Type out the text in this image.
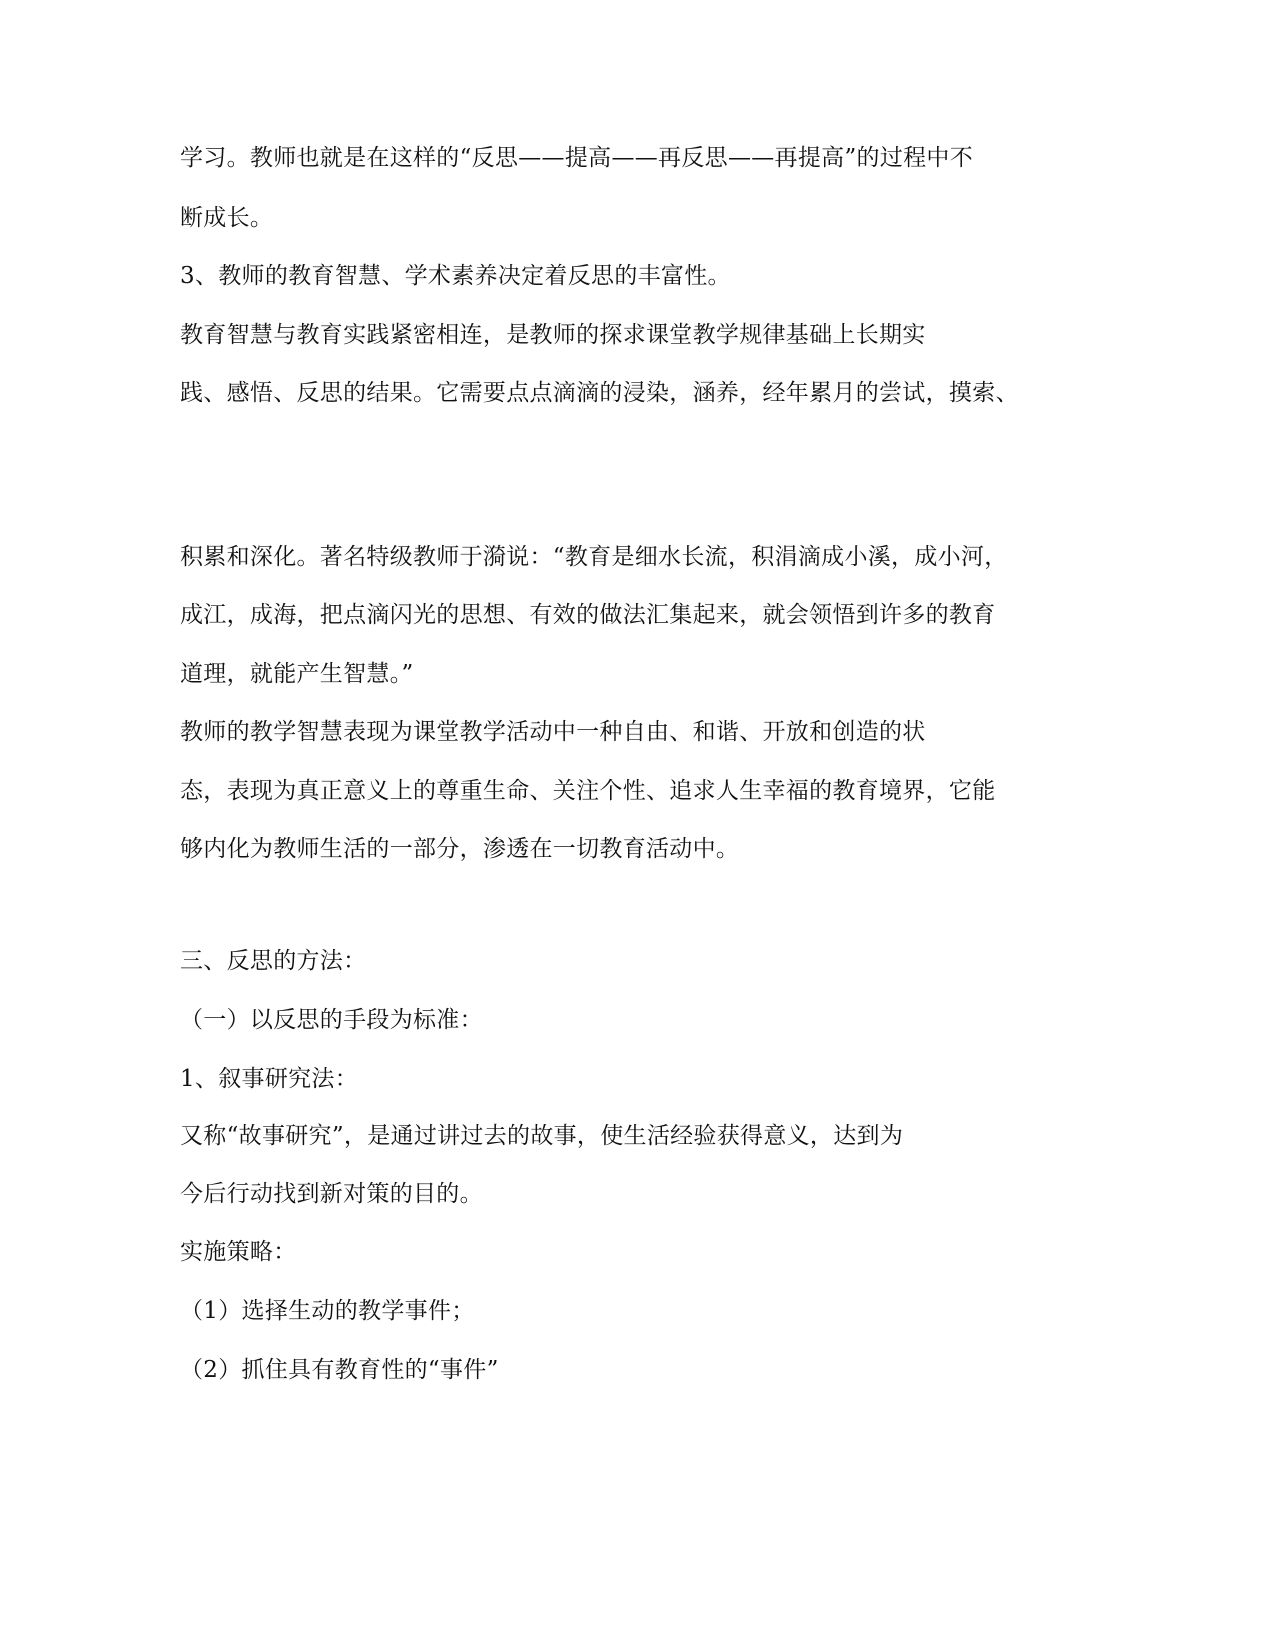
学习。教师也就是在这样的“反思——提高——再反思——再提高”的过程中不
断成长。
3、教师的教育智慧、学术素养决定着反思的丰富性。
教育智慧与教育实践紧密相连，是教师的探求课堂教学规律基础上长期实
践、感悟、反思的结果。它需要点点滴滴的浸染，涵养，经年累月的尝试，摸索、
积累和深化。著名特级教师于漪说：“教育是细水长流，积涓滴成小溪，成小河，
成江，成海，把点滴闪光的思想、有效的做法汇集起来，就会领悟到许多的教育
道理，就能产生智慧。”
教师的教学智慧表现为课堂教学活动中一种自由、和谐、开放和创造的状
态，表现为真正意义上的尊重生命、关注个性、追求人生幸福的教育境界，它能
够内化为教师生活的一部分，渗透在一切教育活动中。
三、反思的方法：
（一）以反思的手段为标准：
1、叙事研究法：
又称“故事研究”，是通过讲过去的故事，使生活经验获得意义，达到为
今后行动找到新对策的目的。
实施策略：
（1）选择生动的教学事件；
（2）抓住具有教育性的“事件”
